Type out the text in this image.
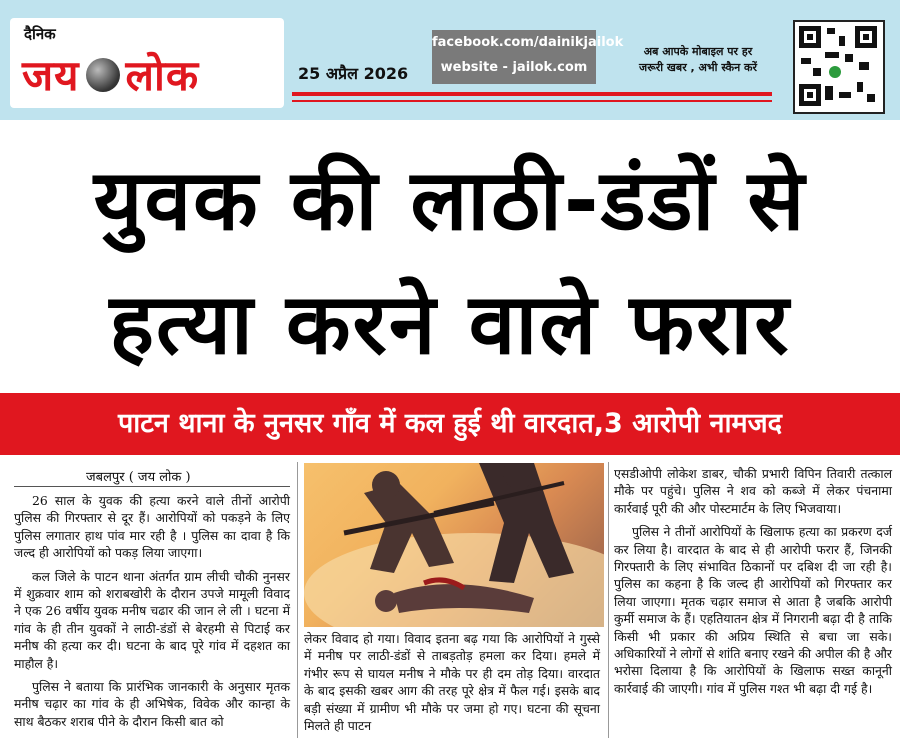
दैनिक
जय लोक	25 अप्रैल 2026
facebook.com/dainikjailok
website - jailok.com
अब आपके मोबाइल पर हर
जरूरी खबर , अभी स्कैन करें
युवक की लाठी-डंडों से
हत्या करने वाले फरार
पाटन थाना के नुनसर गाँव में कल हुई थी वारदात,3 आरोपी नामजद
जबलपुर ( जय लोक )

26 साल के युवक की हत्या करने वाले तीनों आरोपी पुलिस की गिरफ्तार से दूर हैं। आरोपियों को पकड़ने के लिए पुलिस लगातार हाथ पांव मार रही है । पुलिस का दावा है कि जल्द ही आरोपियों को पकड़ लिया जाएगा।

कल जिले के पाटन थाना अंतर्गत ग्राम लीची चौकी नुनसर में शुक्रवार शाम को शराबखोरी के दौरान उपजे मामूली विवाद ने एक 26 वर्षीय युवक मनीष चढार की जान ले ली । घटना में गांव के ही तीन युवकों ने लाठी-डंडों से बेरहमी से पिटाई कर मनीष की हत्या कर दी। घटना के बाद पूरे गांव में दहशत का माहौल है।

पुलिस ने बताया कि प्रारंभिक जानकारी के अनुसार मृतक मनीष चढ़ार का गांव के ही अभिषेक, विवेक और कान्हा के साथ बैठकर शराब पीने के दौरान किसी बात को

लेकर विवाद हो गया। विवाद इतना बढ़ गया कि आरोपियों ने गुस्से में मनीष पर लाठी-डंडों से ताबड़तोड़ हमला कर दिया। हमले में गंभीर रूप से घायल मनीष ने मौके पर ही दम तोड़ दिया। वारदात के बाद इसकी खबर आग की तरह पूरे क्षेत्र में फैल गई। इसके बाद बड़ी संख्या में ग्रामीण भी मौके पर जमा हो गए। घटना की सूचना मिलते ही पाटन

एसडीओपी लोकेश डाबर, चौकी प्रभारी विपिन तिवारी तत्काल मौके पर पहुंचे। पुलिस ने शव को कब्जे में लेकर पंचनामा कार्रवाई पूरी की और पोस्टमार्टम के लिए भिजवाया।

पुलिस ने तीनों आरोपियों के खिलाफ हत्या का प्रकरण दर्ज कर लिया है। वारदात के बाद से ही आरोपी फरार हैं, जिनकी गिरफ्तारी के लिए संभावित ठिकानों पर दबिश दी जा रही है। पुलिस का कहना है कि जल्द ही आरोपियों को गिरफ्तार कर लिया जाएगा। मृतक चढ़ार समाज से आता है जबकि आरोपी कुर्मी समाज के हैं। एहतियातन क्षेत्र में निगरानी बढ़ा दी है ताकि किसी भी प्रकार की अप्रिय स्थिति से बचा जा सके। अधिकारियों ने लोगों से शांति बनाए रखने की अपील की है और भरोसा दिलाया है कि आरोपियों के खिलाफ सख्त कानूनी कार्रवाई की जाएगी। गांव में पुलिस गश्त भी बढ़ा दी गई है।
